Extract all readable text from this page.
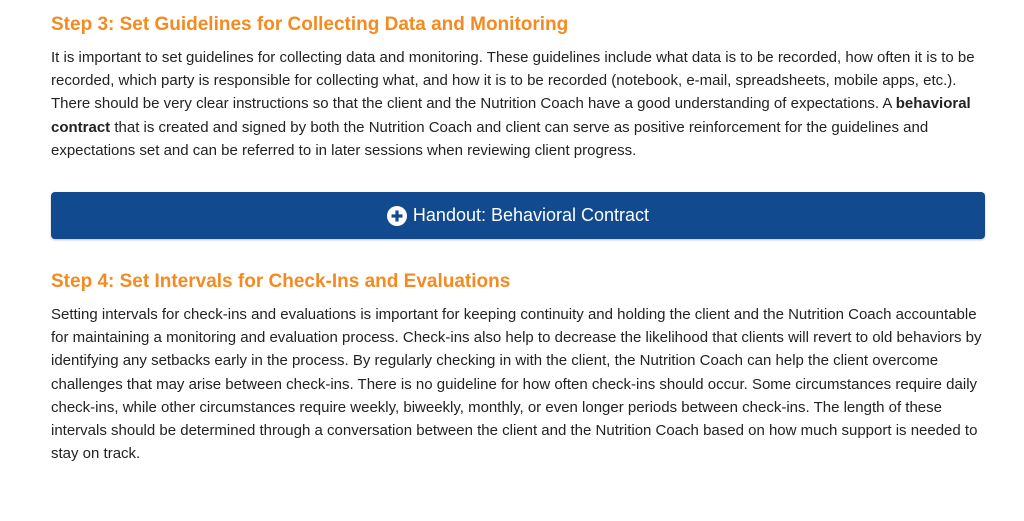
Step 3: Set Guidelines for Collecting Data and Monitoring

It is important to set guidelines for collecting data and monitoring. These guidelines include what data is to be recorded, how often it is to be recorded, which party is responsible for collecting what, and how it is to be recorded (notebook, e-mail, spreadsheets, mobile apps, etc.). There should be very clear instructions so that the client and the Nutrition Coach have a good understanding of expectations. A behavioral contract that is created and signed by both the Nutrition Coach and client can serve as positive reinforcement for the guidelines and expectations set and can be referred to in later sessions when reviewing client progress.

Handout: Behavioral Contract
Step 4: Set Intervals for Check-Ins and Evaluations

Setting intervals for check-ins and evaluations is important for keeping continuity and holding the client and the Nutrition Coach accountable for maintaining a monitoring and evaluation process. Check-ins also help to decrease the likelihood that clients will revert to old behaviors by identifying any setbacks early in the process. By regularly checking in with the client, the Nutrition Coach can help the client overcome challenges that may arise between check-ins. There is no guideline for how often check-ins should occur. Some circumstances require daily check-ins, while other circumstances require weekly, biweekly, monthly, or even longer periods between check-ins. The length of these intervals should be determined through a conversation between the client and the Nutrition Coach based on how much support is needed to stay on track.
